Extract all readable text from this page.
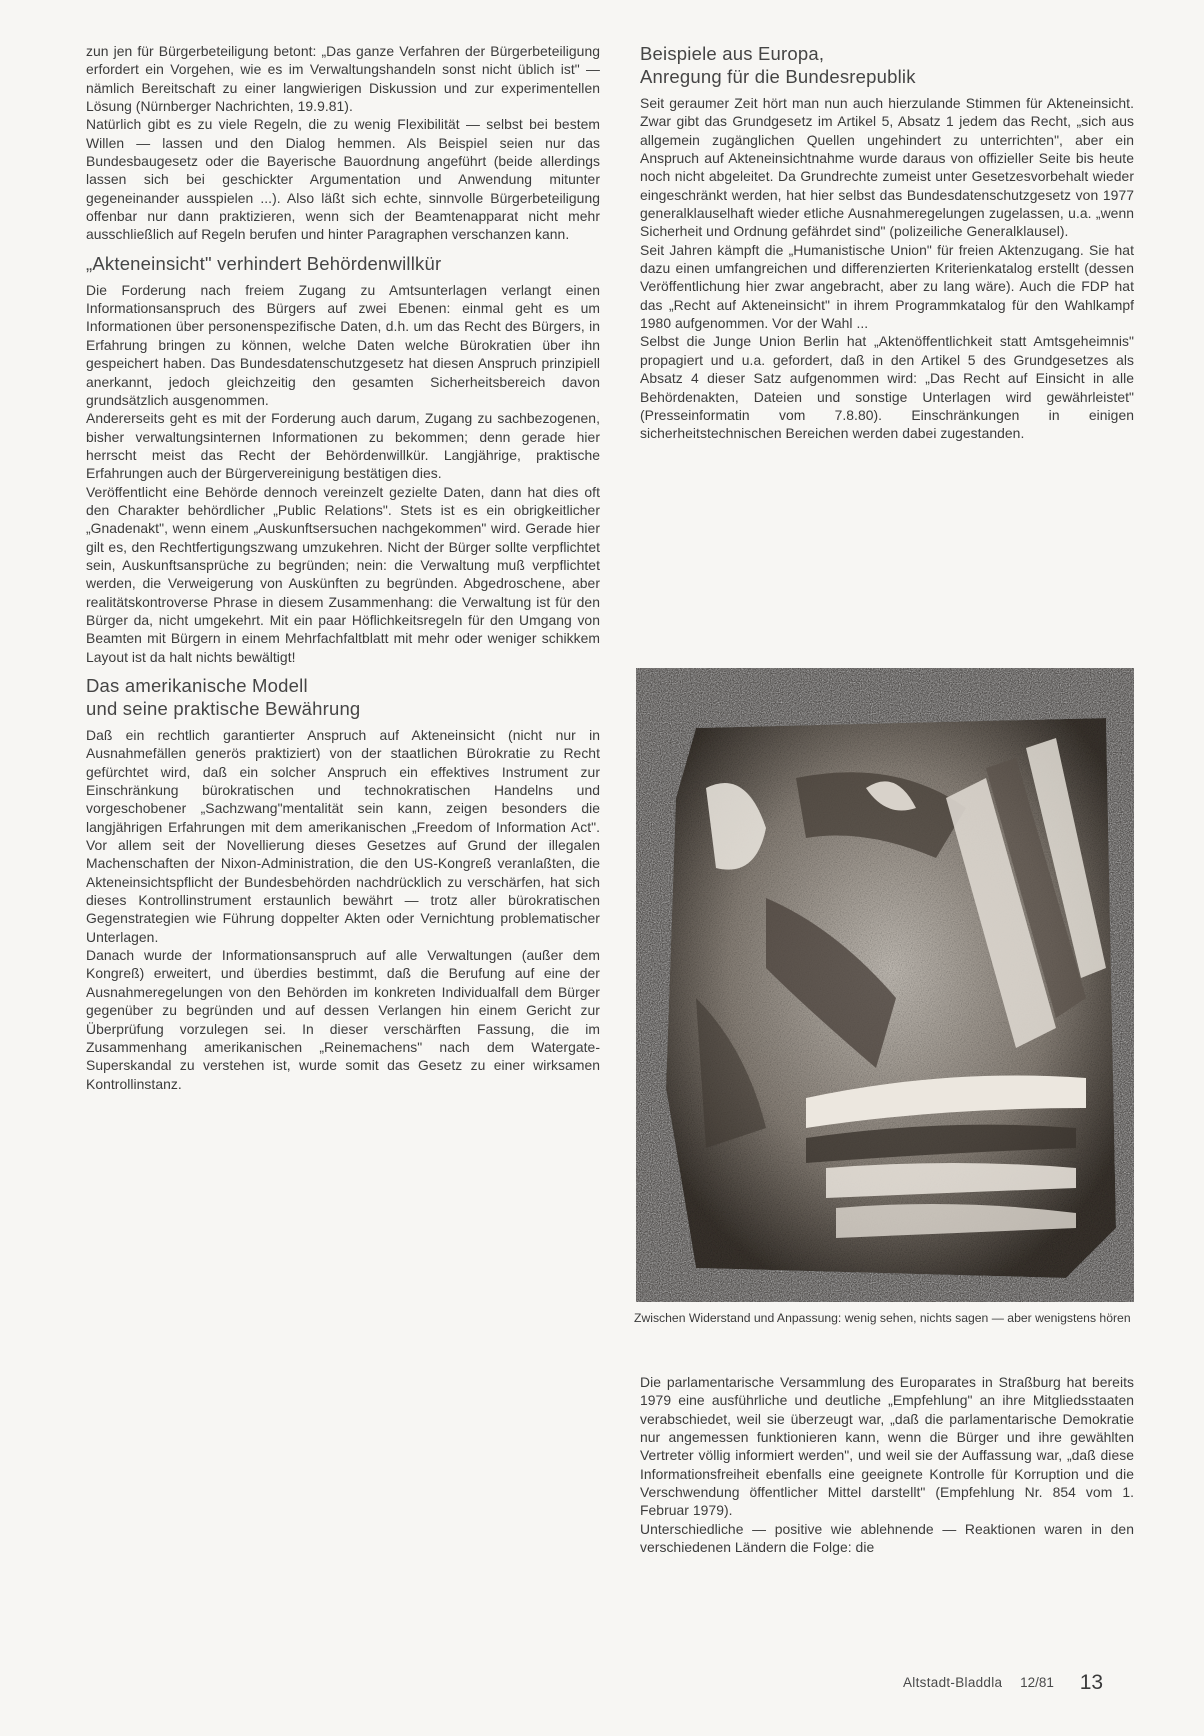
zun jen für Bürgerbeteiligung betont: „Das ganze Verfahren der Bürgerbeteiligung erfordert ein Vorgehen, wie es im Verwaltungshandeln sonst nicht üblich ist" — nämlich Bereitschaft zu einer langwierigen Diskussion und zur experimentellen Lösung (Nürnberger Nachrichten, 19.9.81).

Natürlich gibt es zu viele Regeln, die zu wenig Flexibilität — selbst bei bestem Willen — lassen und den Dialog hemmen. Als Beispiel seien nur das Bundesbaugesetz oder die Bayerische Bauordnung angeführt (beide allerdings lassen sich bei geschickter Argumentation und Anwendung mitunter gegeneinander ausspielen ...). Also läßt sich echte, sinnvolle Bürgerbeteiligung offenbar nur dann praktizieren, wenn sich der Beamtenapparat nicht mehr ausschließlich auf Regeln berufen und hinter Paragraphen verschanzen kann.

„Akteneinsicht" verhindert Behördenwillkür

Die Forderung nach freiem Zugang zu Amtsunterlagen verlangt einen Informationsanspruch des Bürgers auf zwei Ebenen: einmal geht es um Informationen über personenspezifische Daten, d.h. um das Recht des Bürgers, in Erfahrung bringen zu können, welche Daten welche Bürokratien über ihn gespeichert haben. Das Bundesdatenschutzgesetz hat diesen Anspruch prinzipiell anerkannt, jedoch gleichzeitig den gesamten Sicherheitsbereich davon grundsätzlich ausgenommen.

Andererseits geht es mit der Forderung auch darum, Zugang zu sachbezogenen, bisher verwaltungsinternen Informationen zu bekommen; denn gerade hier herrscht meist das Recht der Behördenwillkür. Langjährige, praktische Erfahrungen auch der Bürgervereinigung bestätigen dies.

Veröffentlicht eine Behörde dennoch vereinzelt gezielte Daten, dann hat dies oft den Charakter behördlicher „Public Relations". Stets ist es ein obrigkeitlicher „Gnadenakt", wenn einem „Auskunftsersuchen nachgekommen" wird. Gerade hier gilt es, den Rechtfertigungszwang umzukehren. Nicht der Bürger sollte verpflichtet sein, Auskunftsansprüche zu begründen; nein: die Verwaltung muß verpflichtet werden, die Verweigerung von Auskünften zu begründen. Abgedroschene, aber realitätskontroverse Phrase in diesem Zusammenhang: die Verwaltung ist für den Bürger da, nicht umgekehrt. Mit ein paar Höflichkeitsregeln für den Umgang von Beamten mit Bürgern in einem Mehrfachfaltblatt mit mehr oder weniger schikkem Layout ist da halt nichts bewältigt!

Das amerikanische Modell
und seine praktische Bewährung

Daß ein rechtlich garantierter Anspruch auf Akteneinsicht (nicht nur in Ausnahmefällen generös praktiziert) von der staatlichen Bürokratie zu Recht gefürchtet wird, daß ein solcher Anspruch ein effektives Instrument zur Einschränkung bürokratischen und technokratischen Handelns und vorgeschobener „Sachzwang"mentalität sein kann, zeigen besonders die langjährigen Erfahrungen mit dem amerikanischen „Freedom of Information Act". Vor allem seit der Novellierung dieses Gesetzes auf Grund der illegalen Machenschaften der Nixon-Administration, die den US-Kongreß veranlaßten, die Akteneinsichtspflicht der Bundesbehörden nachdrücklich zu verschärfen, hat sich dieses Kontrollinstrument erstaunlich bewährt — trotz aller bürokratischen Gegenstrategien wie Führung doppelter Akten oder Vernichtung problematischer Unterlagen.

Danach wurde der Informationsanspruch auf alle Verwaltungen (außer dem Kongreß) erweitert, und überdies bestimmt, daß die Berufung auf eine der Ausnahmeregelungen von den Behörden im konkreten Individualfall dem Bürger gegenüber zu begründen und auf dessen Verlangen hin einem Gericht zur Überprüfung vorzulegen sei. In dieser verschärften Fassung, die im Zusammenhang amerikanischen „Reinemachens" nach dem Watergate-Superskandal zu verstehen ist, wurde somit das Gesetz zu einer wirksamen Kontrollinstanz.

Beispiele aus Europa,
Anregung für die Bundesrepublik

Seit geraumer Zeit hört man nun auch hierzulande Stimmen für Akteneinsicht. Zwar gibt das Grundgesetz im Artikel 5, Absatz 1 jedem das Recht, „sich aus allgemein zugänglichen Quellen ungehindert zu unterrichten", aber ein Anspruch auf Akteneinsichtnahme wurde daraus von offizieller Seite bis heute noch nicht abgeleitet. Da Grundrechte zumeist unter Gesetzesvorbehalt wieder eingeschränkt werden, hat hier selbst das Bundesdatenschutzgesetz von 1977 generalklauselhaft wieder etliche Ausnahmeregelungen zugelassen, u.a. „wenn Sicherheit und Ordnung gefährdet sind" (polizeiliche Generalklausel).

Seit Jahren kämpft die „Humanistische Union" für freien Aktenzugang. Sie hat dazu einen umfangreichen und differenzierten Kriterienkatalog erstellt (dessen Veröffentlichung hier zwar angebracht, aber zu lang wäre). Auch die FDP hat das „Recht auf Akteneinsicht" in ihrem Programmkatalog für den Wahlkampf 1980 aufgenommen. Vor der Wahl ...

Selbst die Junge Union Berlin hat „Aktenöffentlichkeit statt Amtsgeheimnis" propagiert und u.a. gefordert, daß in den Artikel 5 des Grundgesetzes als Absatz 4 dieser Satz aufgenommen wird: „Das Recht auf Einsicht in alle Behördenakten, Dateien und sonstige Unterlagen wird gewährleistet" (Presseinformatin vom 7.8.80). Einschränkungen in einigen sicherheitstechnischen Bereichen werden dabei zugestanden.

Zwischen Widerstand und Anpassung: wenig sehen, nichts sagen — aber wenigstens hören

Die parlamentarische Versammlung des Europarates in Straßburg hat bereits 1979 eine ausführliche und deutliche „Empfehlung" an ihre Mitgliedsstaaten verabschiedet, weil sie überzeugt war, „daß die parlamentarische Demokratie nur angemessen funktionieren kann, wenn die Bürger und ihre gewählten Vertreter völlig informiert werden", und weil sie der Auffassung war, „daß diese Informationsfreiheit ebenfalls eine geeignete Kontrolle für Korruption und die Verschwendung öffentlicher Mittel darstellt" (Empfehlung Nr. 854 vom 1. Februar 1979).

Unterschiedliche — positive wie ablehnende — Reaktionen waren in den verschiedenen Ländern die Folge: die

Altstadt-Bladdla 12/81 13
